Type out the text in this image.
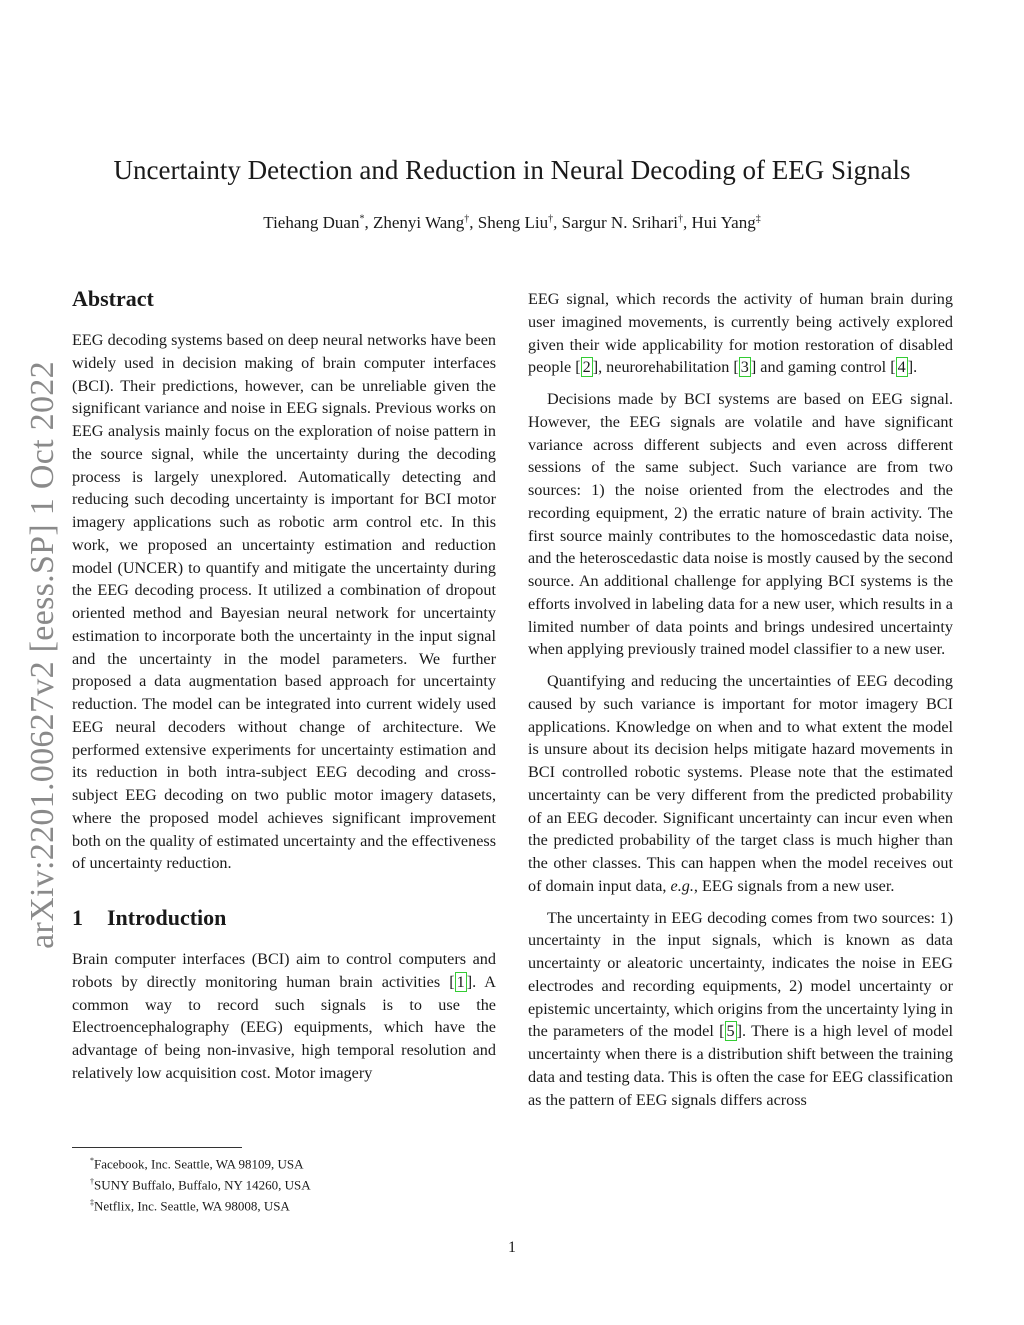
arXiv:2201.00627v2 [eess.SP] 1 Oct 2022
Uncertainty Detection and Reduction in Neural Decoding of EEG Signals
Tiehang Duan*, Zhenyi Wang†, Sheng Liu†, Sargur N. Srihari†, Hui Yang‡
Abstract

EEG decoding systems based on deep neural networks have been widely used in decision making of brain computer interfaces (BCI). Their predictions, however, can be unreliable given the significant variance and noise in EEG signals. Previous works on EEG analysis mainly focus on the exploration of noise pattern in the source signal, while the uncertainty during the decoding process is largely unexplored. Automatically detecting and reducing such decoding uncertainty is important for BCI motor imagery applications such as robotic arm control etc. In this work, we proposed an uncertainty estimation and reduction model (UNCER) to quantify and mitigate the uncertainty during the EEG decoding process. It utilized a combination of dropout oriented method and Bayesian neural network for uncertainty estimation to incorporate both the uncertainty in the input signal and the uncertainty in the model parameters. We further proposed a data augmentation based approach for uncertainty reduction. The model can be integrated into current widely used EEG neural decoders without change of architecture. We performed extensive experiments for uncertainty estimation and its reduction in both intra-subject EEG decoding and cross-subject EEG decoding on two public motor imagery datasets, where the proposed model achieves significant improvement both on the quality of estimated uncertainty and the effectiveness of uncertainty reduction.

1 Introduction

Brain computer interfaces (BCI) aim to control computers and robots by directly monitoring human brain activities [ 1 ]. A common way to record such signals is to use the Electroencephalography (EEG) equipments, which have the advantage of being non-invasive, high temporal resolution and relatively low acquisition cost. Motor imagery

EEG signal, which records the activity of human brain during user imagined movements, is currently being actively explored given their wide applicability for motion restoration of disabled people [ 2 ], neurorehabilitation [ 3 ] and gaming control [ 4 ].

Decisions made by BCI systems are based on EEG signal. However, the EEG signals are volatile and have significant variance across different subjects and even across different sessions of the same subject. Such variance are from two sources: 1) the noise oriented from the electrodes and the recording equipment, 2) the erratic nature of brain activity. The first source mainly contributes to the homoscedastic data noise, and the heteroscedastic data noise is mostly caused by the second source. An additional challenge for applying BCI systems is the efforts involved in labeling data for a new user, which results in a limited number of data points and brings undesired uncertainty when applying previously trained model classifier to a new user.

Quantifying and reducing the uncertainties of EEG decoding caused by such variance is important for motor imagery BCI applications. Knowledge on when and to what extent the model is unsure about its decision helps mitigate hazard movements in BCI controlled robotic systems. Please note that the estimated uncertainty can be very different from the predicted probability of an EEG decoder. Significant uncertainty can incur even when the predicted probability of the target class is much higher than the other classes. This can happen when the model receives out of domain input data, e.g., EEG signals from a new user.

The uncertainty in EEG decoding comes from two sources: 1) uncertainty in the input signals, which is known as data uncertainty or aleatoric uncertainty, indicates the noise in EEG electrodes and recording equipments, 2) model uncertainty or epistemic uncertainty, which origins from the uncertainty lying in the parameters of the model [ 5 ]. There is a high level of model uncertainty when there is a distribution shift between the training data and testing data. This is often the case for EEG classification as the pattern of EEG signals differs across

*Facebook, Inc. Seattle, WA 98109, USA
†SUNY Buffalo, Buffalo, NY 14260, USA
‡Netflix, Inc. Seattle, WA 98008, USA
1
